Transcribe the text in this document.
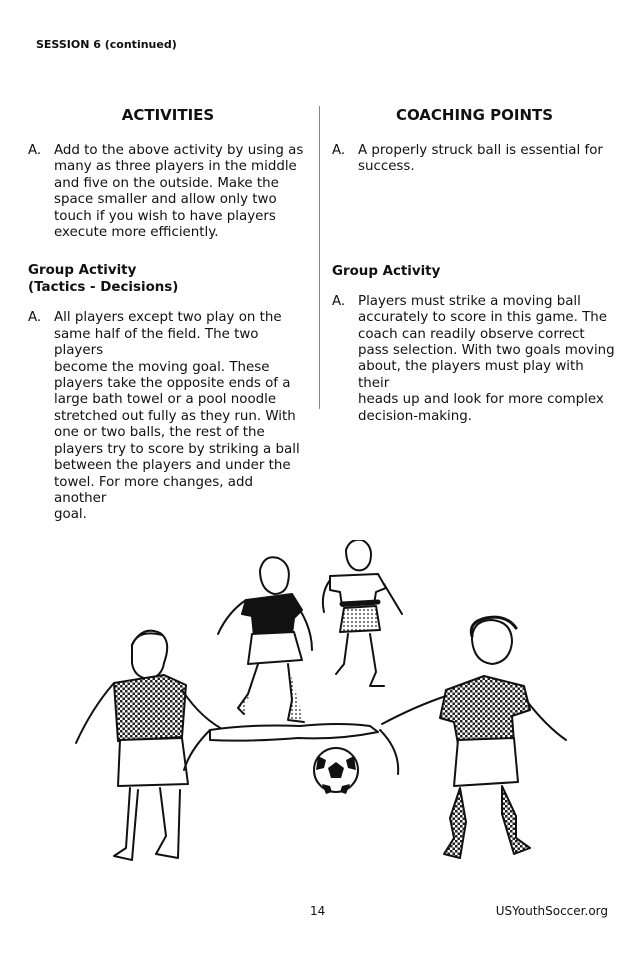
SESSION 6 (continued)
ACTIVITIES
A. Add to the above activity by using as
many as three players in the middle
and five on the outside. Make the
space smaller and allow only two
touch if you wish to have players
execute more efficiently.
Group Activity
(Tactics - Decisions)
A. All players except two play on the
same half of the field. The two players
become the moving goal. These
players take the opposite ends of a
large bath towel or a pool noodle
stretched out fully as they run. With
one or two balls, the rest of the
players try to score by striking a ball
between the players and under the
towel. For more changes, add another
goal.
COACHING POINTS
A. A properly struck ball is essential for
success.
Group Activity
A. Players must strike a moving ball
accurately to score in this game. The
coach can readily observe correct
pass selection. With two goals moving
about, the players must play with their
heads up and look for more complex
decision-making.
14	USYouthSoccer.org
